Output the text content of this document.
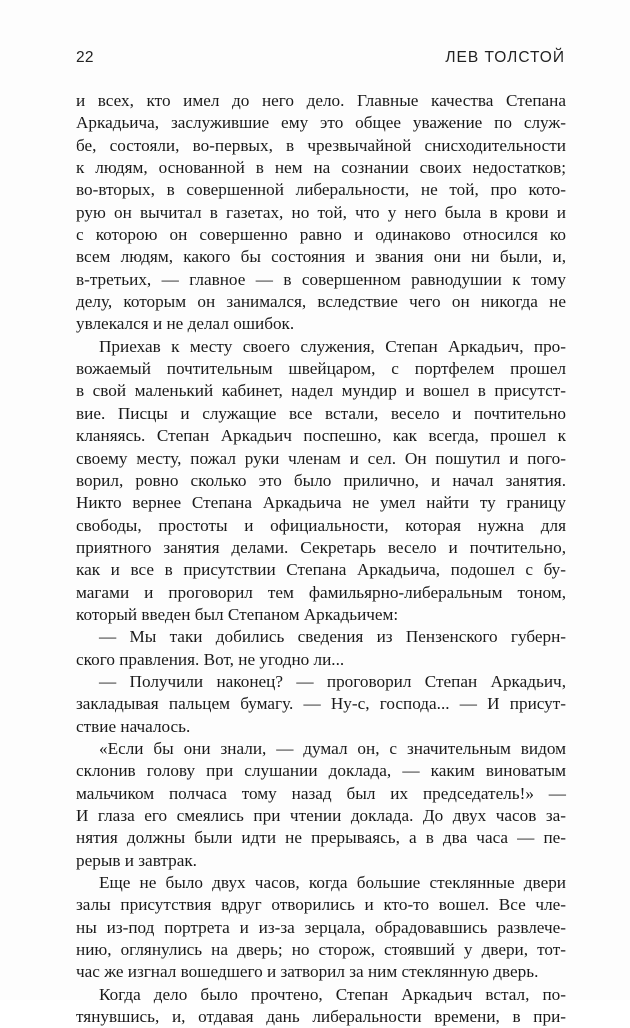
22	ЛЕВ ТОЛСТОЙ
и всех, кто имел до него дело. Главные качества Степана
Аркадьича, заслужившие ему это общее уважение по служ-
бе, состояли, во-первых, в чрезвычайной снисходительности
к людям, основанной в нем на сознании своих недостатков;
во-вторых, в совершенной либеральности, не той, про кото-
рую он вычитал в газетах, но той, что у него была в крови и
с которою он совершенно равно и одинаково относился ко
всем людям, какого бы состояния и звания они ни были, и,
в-третьих, — главное — в совершенном равнодушии к тому
делу, которым он занимался, вследствие чего он никогда не
увлекался и не делал ошибок.
Приехав к месту своего служения, Степан Аркадьич, про-
вожаемый почтительным швейцаром, с портфелем прошел
в свой маленький кабинет, надел мундир и вошел в присутст-
вие. Писцы и служащие все встали, весело и почтительно
кланяясь. Степан Аркадьич поспешно, как всегда, прошел к
своему месту, пожал руки членам и сел. Он пошутил и пого-
ворил, ровно сколько это было прилично, и начал занятия.
Никто вернее Степана Аркадьича не умел найти ту границу
свободы, простоты и официальности, которая нужна для
приятного занятия делами. Секретарь весело и почтительно,
как и все в присутствии Степана Аркадьича, подошел с бу-
магами и проговорил тем фамильярно-либеральным тоном,
который введен был Степаном Аркадьичем:
— Мы таки добились сведения из Пензенского губерн-
ского правления. Вот, не угодно ли...
— Получили наконец? — проговорил Степан Аркадьич,
закладывая пальцем бумагу. — Ну-с, господа... — И присут-
ствие началось.
«Если бы они знали, — думал он, с значительным видом
склонив голову при слушании доклада, — каким виноватым
мальчиком полчаса тому назад был их председатель!» —
И глаза его смеялись при чтении доклада. До двух часов за-
нятия должны были идти не прерываясь, а в два часа — пе-
рерыв и завтрак.
Еще не было двух часов, когда большие стеклянные двери
залы присутствия вдруг отворились и кто-то вошел. Все чле-
ны из-под портрета и из-за зерцала, обрадовавшись развлече-
нию, оглянулись на дверь; но сторож, стоявший у двери, тот-
час же изгнал вошедшего и затворил за ним стеклянную дверь.
Когда дело было прочтено, Степан Аркадьич встал, по-
тянувшись, и, отдавая дань либеральности времени, в при-
